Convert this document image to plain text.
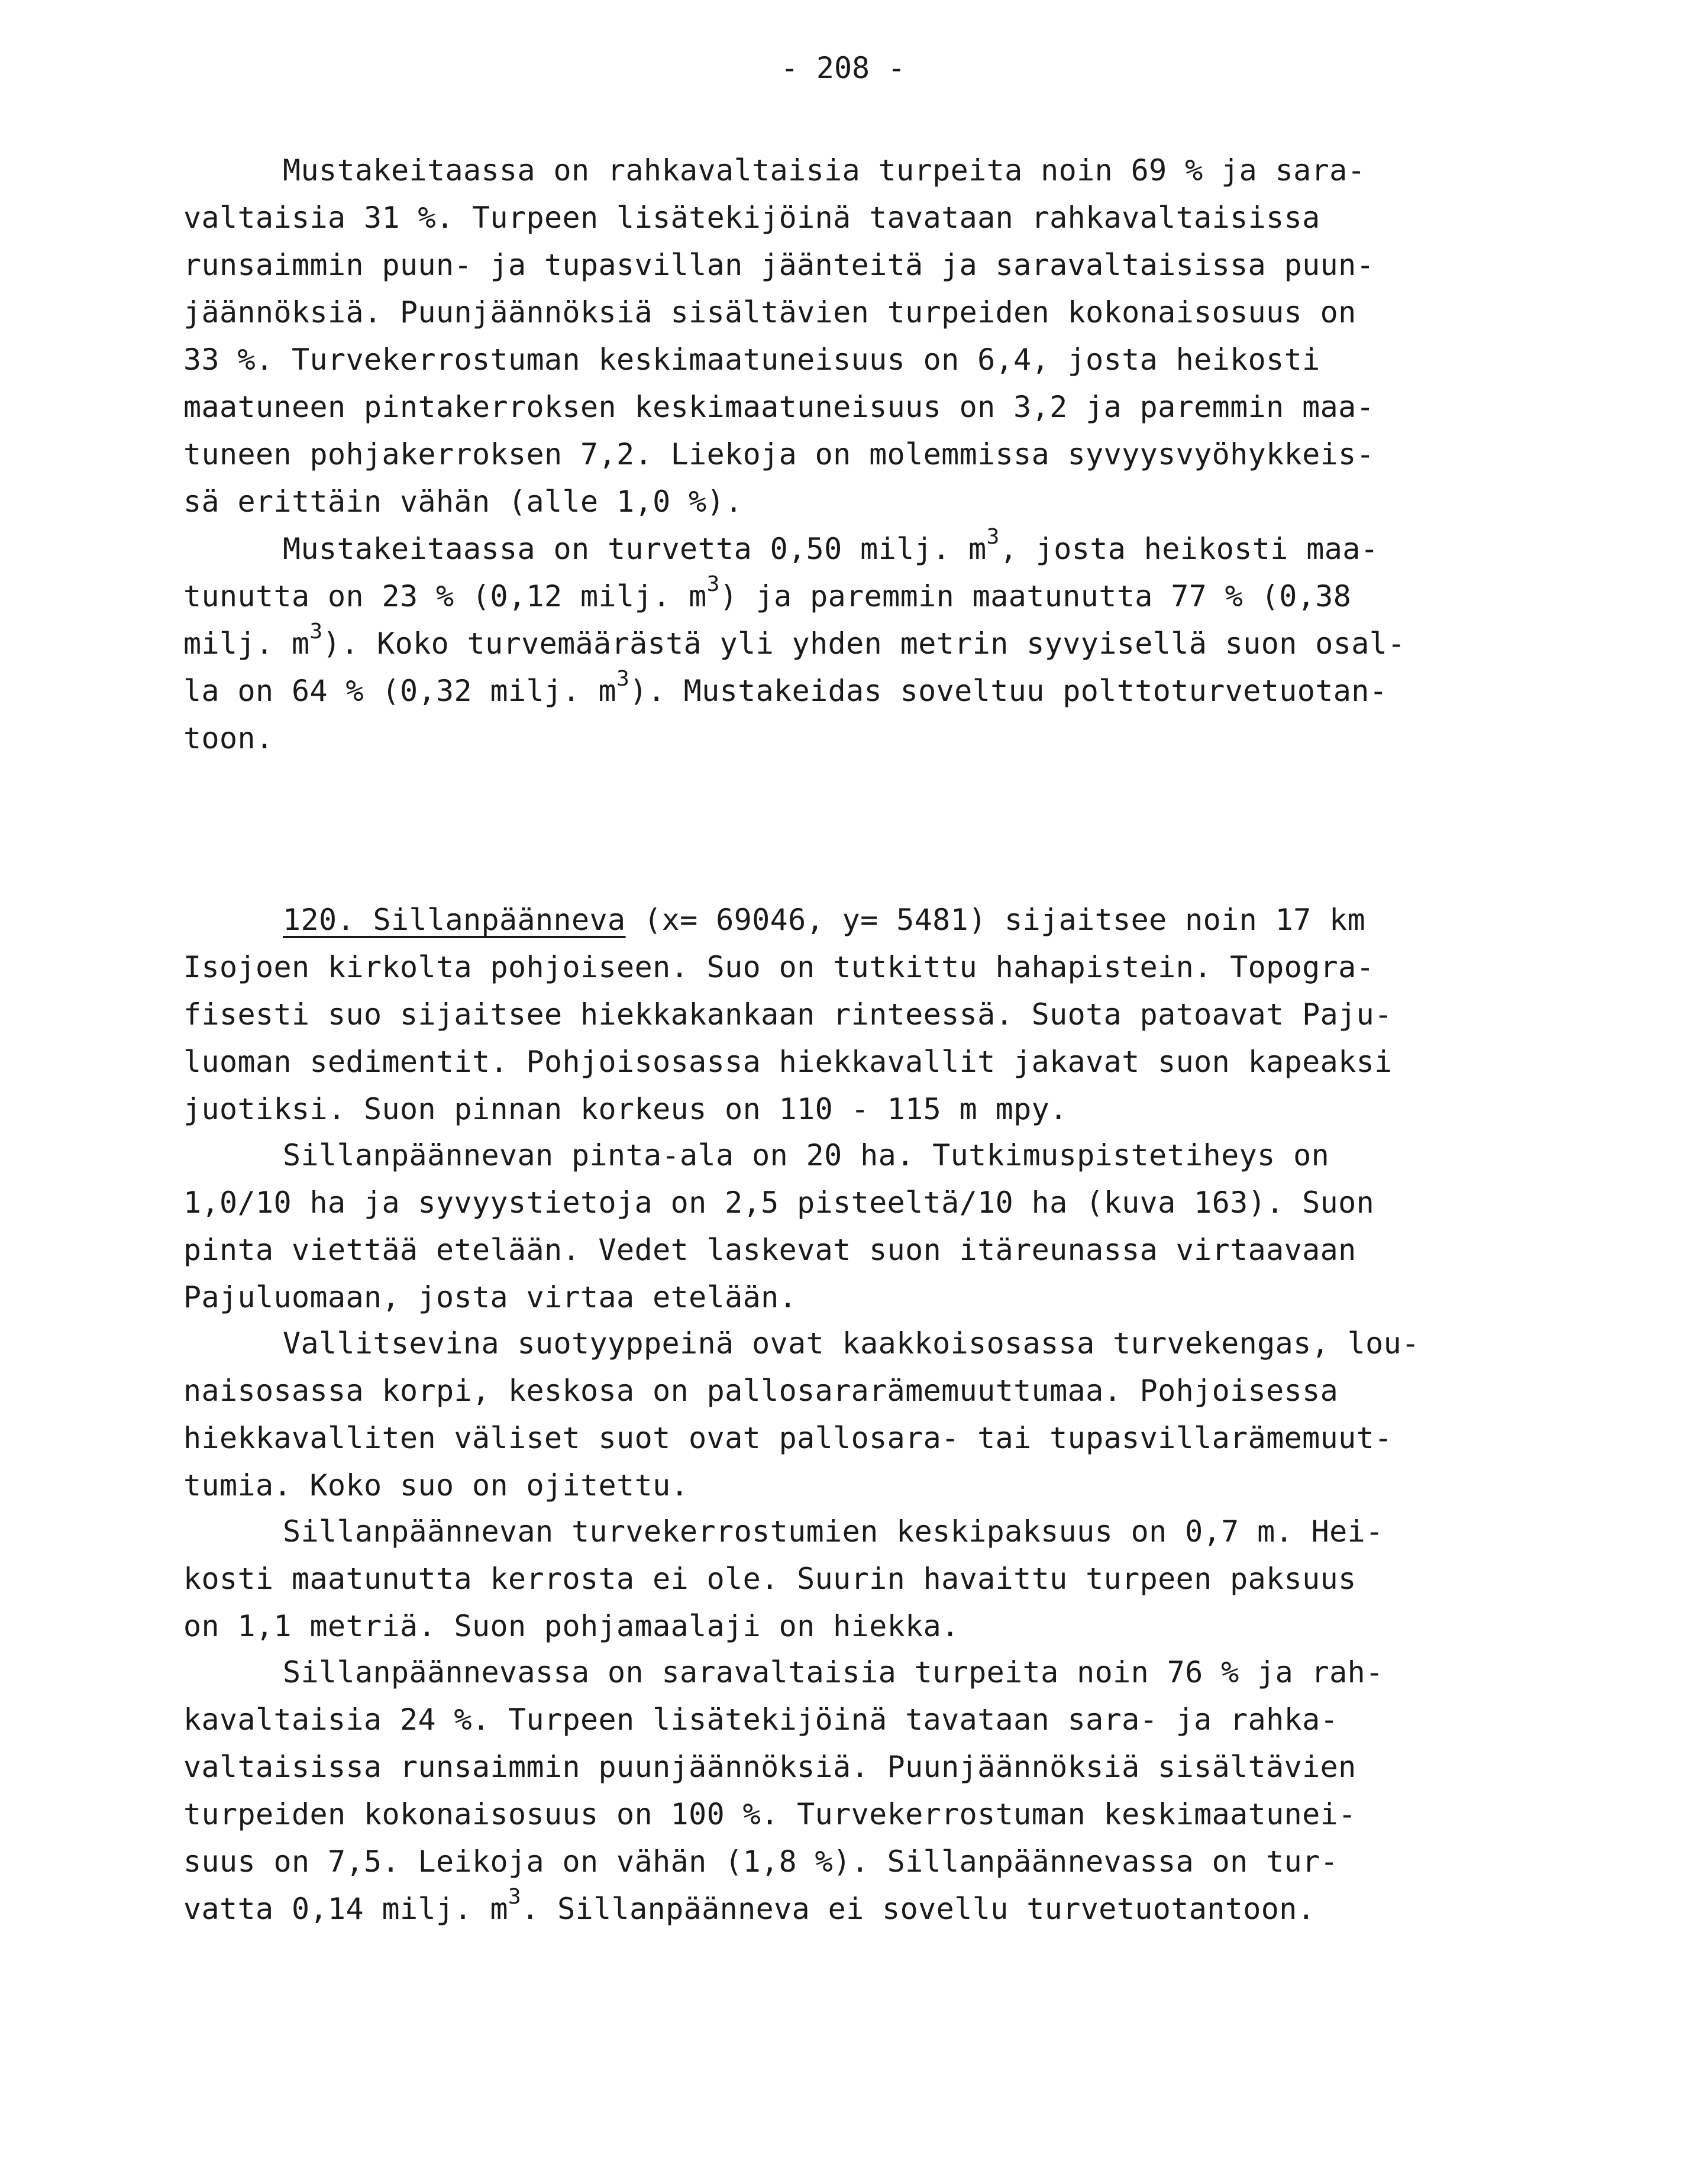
- 208 -
Mustakeitaassa on rahkavaltaisia turpeita noin 69 % ja sara-
valtaisia 31 %. Turpeen lisätekijöinä tavataan rahkavaltaisissa
runsaimmin puun- ja tupasvillan jäänteitä ja saravaltaisissa puun-
jäännöksiä. Puunjäännöksiä sisältävien turpeiden kokonaisosuus on
33 %. Turvekerrostuman keskimaatuneisuus on 6,4, josta heikosti
maatuneen pintakerroksen keskimaatuneisuus on 3,2 ja paremmin maa-
tuneen pohjakerroksen 7,2. Liekoja on molemmissa syvyysvyöhykkeis-
sä erittäin vähän (alle 1,0 %).
Mustakeitaassa on turvetta 0,50 milj. $m^3$, josta heikosti maa-
tunutta on 23 % (0,12 milj. $m^3$) ja paremmin maatunutta 77 % (0,38
milj. $m^3$). Koko turvemäärästä yli yhden metrin syvyisellä suon osal-
la on 64 % (0,32 milj. $m^3$). Mustakeidas soveltuu polttoturvetuotan-
toon.
120. Sillanpäänneva (x= 69046, y= 5481) sijaitsee noin 17 km
Isojoen kirkolta pohjoiseen. Suo on tutkittu hahapistein. Topogra-
fisesti suo sijaitsee hiekkakankaan rinteessä. Suota patoavat Paju-
luoman sedimentit. Pohjoisosassa hiekkavallit jakavat suon kapeaksi
juotiksi. Suon pinnan korkeus on 110 - 115 m mpy.
Sillanpäännevan pinta-ala on 20 ha. Tutkimuspistetiheys on
1,0/10 ha ja syvyystietoja on 2,5 pisteeltä/10 ha (kuva 163). Suon
pinta viettää etelään. Vedet laskevat suon itäreunassa virtaavaan
Pajuluomaan, josta virtaa etelään.
Vallitsevina suotyyppeinä ovat kaakkoisosassa turvekengas, lou-
naisosassa korpi, keskosa on pallosararämemuuttumaa. Pohjoisessa
hiekkavalliten väliset suot ovat pallosara- tai tupasvillarämemuut-
tumia. Koko suo on ojitettu.
Sillanpäännevan turvekerrostumien keskipaksuus on 0,7 m. Hei-
kosti maatunutta kerrosta ei ole. Suurin havaittu turpeen paksuus
on 1,1 metriä. Suon pohjamaalaji on hiekka.
Sillanpäännevassa on saravaltaisia turpeita noin 76 % ja rah-
kavaltaisia 24 %. Turpeen lisätekijöinä tavataan sara- ja rahka-
valtaisissa runsaimmin puunjäännöksiä. Puunjäännöksiä sisältävien
turpeiden kokonaisosuus on 100 %. Turvekerrostuman keskimaatunei-
suus on 7,5. Leikoja on vähän (1,8 %). Sillanpäännevassa on tur-
vatta 0,14 milj. $m^3$. Sillanpäänneva ei sovellu turvetuotantoon.
